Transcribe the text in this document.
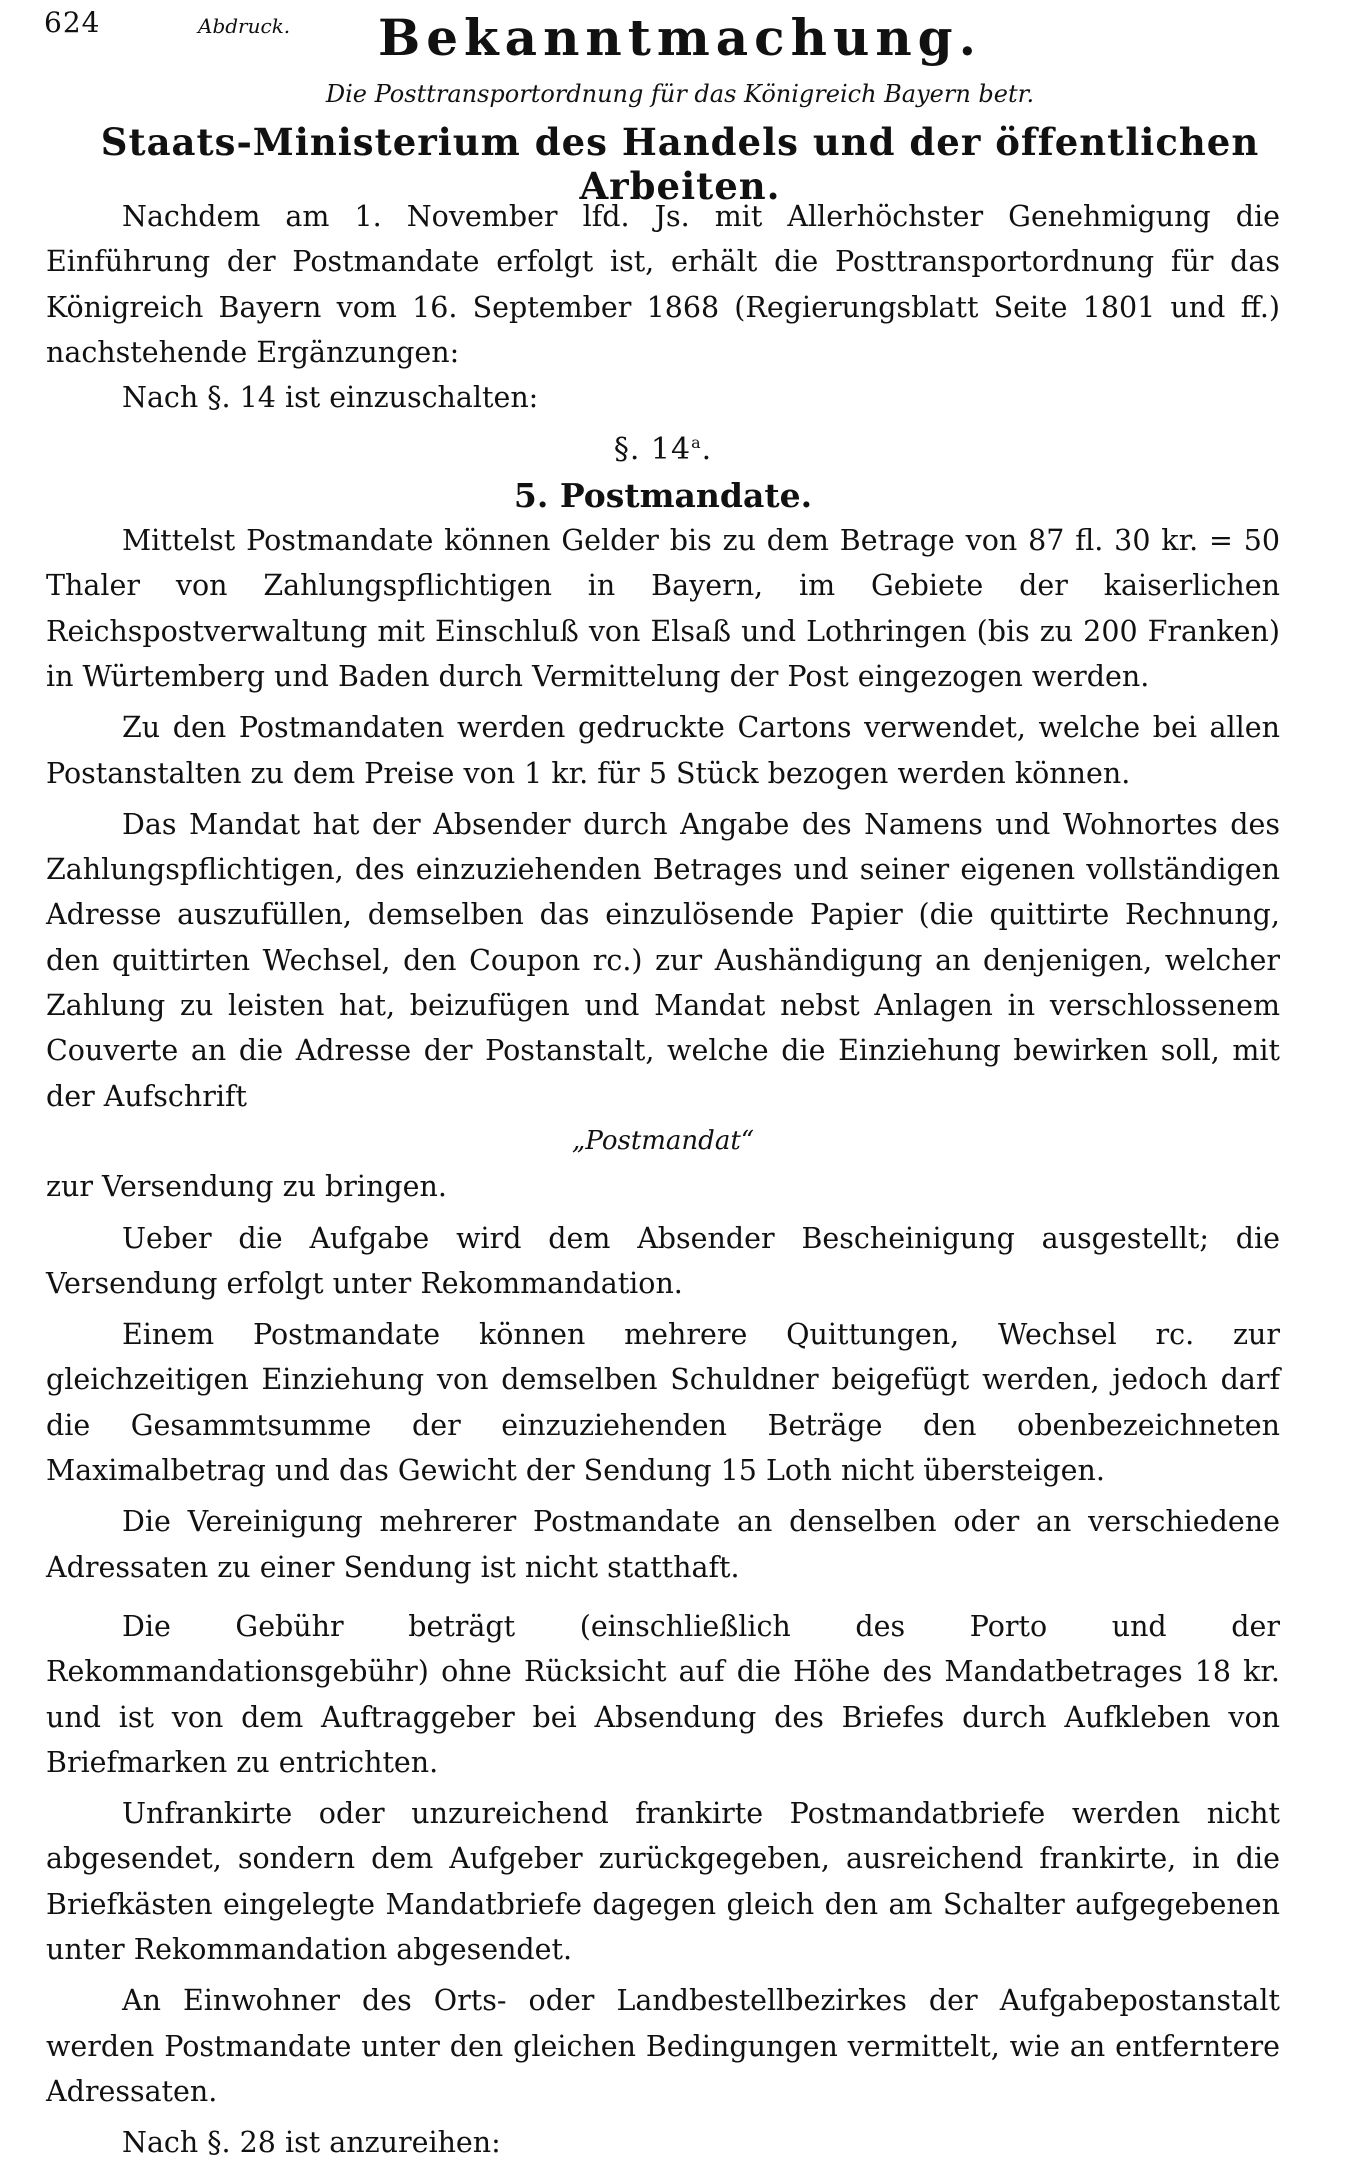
624	Abdruck.	Bekanntmachung.
Die Posttransportordnung für das Königreich Bayern betr.
Staats-Ministerium des Handels und der öffentlichen Arbeiten.

Nachdem am 1. November lfd. Js. mit Allerhöchster Genehmigung die Einführung der Postmandate erfolgt ist, erhält die Posttransportordnung für das Königreich Bayern vom 16. September 1868 (Regierungsblatt Seite 1801 und ff.) nachstehende Ergänzungen:

Nach §. 14 ist einzuschalten:

§. 14$^a$.

5. Postmandate.

Mittelst Postmandate können Gelder bis zu dem Betrage von 87 fl. 30 kr. = 50 Thaler von Zahlungspflichtigen in Bayern, im Gebiete der kaiserlichen Reichspostverwaltung mit Einschluß von Elsaß und Lothringen (bis zu 200 Franken) in Würtemberg und Baden durch Vermittelung der Post eingezogen werden.

Zu den Postmandaten werden gedruckte Cartons verwendet, welche bei allen Postanstalten zu dem Preise von 1 kr. für 5 Stück bezogen werden können.

Das Mandat hat der Absender durch Angabe des Namens und Wohnortes des Zahlungspflichtigen, des einzuziehenden Betrages und seiner eigenen vollständigen Adresse auszufüllen, demselben das einzulösende Papier (die quittirte Rechnung, den quittirten Wechsel, den Coupon rc.) zur Aushändigung an denjenigen, welcher Zahlung zu leisten hat, beizufügen und Mandat nebst Anlagen in verschlossenem Couverte an die Adresse der Postanstalt, welche die Einziehung bewirken soll, mit der Aufschrift

„Postmandat“

zur Versendung zu bringen.

Ueber die Aufgabe wird dem Absender Bescheinigung ausgestellt; die Versendung erfolgt unter Rekommandation.

Einem Postmandate können mehrere Quittungen, Wechsel rc. zur gleichzeitigen Einziehung von demselben Schuldner beigefügt werden, jedoch darf die Gesammtsumme der einzuziehenden Beträge den obenbezeichneten Maximalbetrag und das Gewicht der Sendung 15 Loth nicht übersteigen.

Die Vereinigung mehrerer Postmandate an denselben oder an verschiedene Adressaten zu einer Sendung ist nicht statthaft.

Die Gebühr beträgt (einschließlich des Porto und der Rekommandationsgebühr) ohne Rücksicht auf die Höhe des Mandatbetrages 18 kr. und ist von dem Auftraggeber bei Absendung des Briefes durch Aufkleben von Briefmarken zu entrichten.

Unfrankirte oder unzureichend frankirte Postmandatbriefe werden nicht abgesendet, sondern dem Aufgeber zurückgegeben, ausreichend frankirte, in die Briefkästen eingelegte Mandatbriefe dagegen gleich den am Schalter aufgegebenen unter Rekommandation abgesendet.

An Einwohner des Orts- oder Landbestellbezirkes der Aufgabepostanstalt werden Postmandate unter den gleichen Bedingungen vermittelt, wie an entferntere Adressaten.

Nach §. 28 ist anzureihen:
